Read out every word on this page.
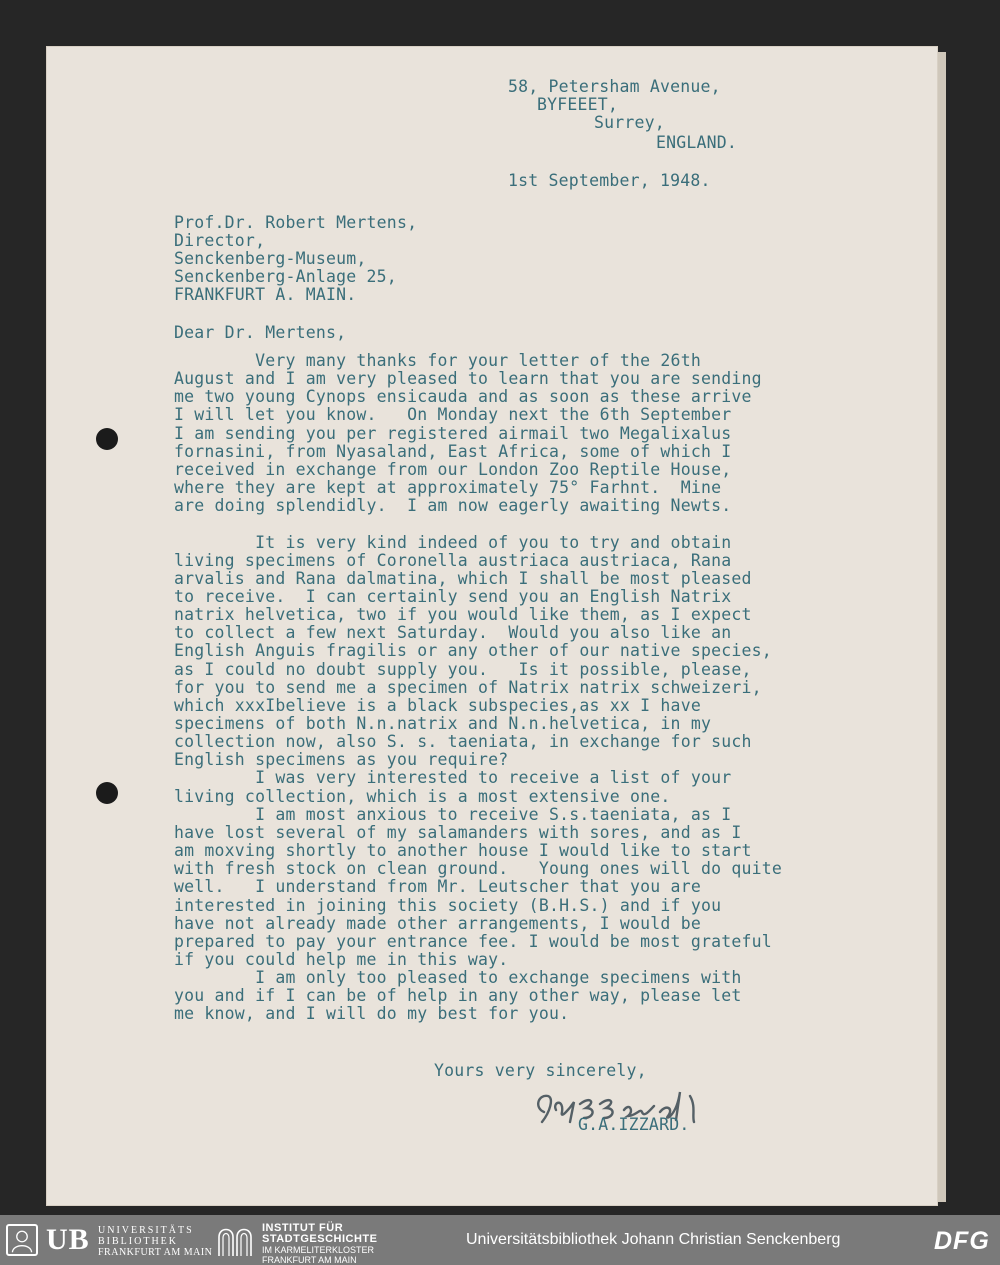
58, Petersham Avenue,
BYFEEET,
Surrey,
ENGLAND.
1st September, 1948.
Prof.Dr. Robert Mertens,
Director,
Senckenberg-Museum,
Senckenberg-Anlage 25,
FRANKFURT A. MAIN.
Dear Dr. Mertens,
Very many thanks for your letter of the 26th
August and I am very pleased to learn that you are sending
me two young Cynops ensicauda and as soon as these arrive
I will let you know.   On Monday next the 6th September
I am sending you per registered airmail two Megalixalus
fornasini, from Nyasaland, East Africa, some of which I
received in exchange from our London Zoo Reptile House,
where they are kept at approximately 75° Farhnt.  Mine
are doing splendidly.  I am now eagerly awaiting Newts.
It is very kind indeed of you to try and obtain
living specimens of Coronella austriaca austriaca, Rana
arvalis and Rana dalmatina, which I shall be most pleased
to receive.  I can certainly send you an English Natrix
natrix helvetica, two if you would like them, as I expect
to collect a few next Saturday.  Would you also like an
English Anguis fragilis or any other of our native species,
as I could no doubt supply you.   Is it possible, please,
for you to send me a specimen of Natrix natrix schweizeri,
which xxxIbelieve is a black subspecies,as xx I have
specimens of both N.n.natrix and N.n.helvetica, in my
collection now, also S. s. taeniata, in exchange for such
English specimens as you require?
I was very interested to receive a list of your
living collection, which is a most extensive one.
I am most anxious to receive S.s.taeniata, as I
have lost several of my salamanders with sores, and as I
am moxving shortly to another house I would like to start
with fresh stock on clean ground.   Young ones will do quite
well.   I understand from Mr. Leutscher that you are
interested in joining this society (B.H.S.) and if you
have not already made other arrangements, I would be
prepared to pay your entrance fee. I would be most grateful
if you could help me in this way.
I am only too pleased to exchange specimens with
you and if I can be of help in any other way, please let
me know, and I will do my best for you.
Yours very sincerely,
G.A.IZZARD.
UB UNIVERSITÄTS
BIBLIOTHEK
FRANKFURT AM MAIN
INSTITUT FÜR
STADTGESCHICHTE
IM KARMELITERKLOSTER
FRANKFURT AM MAIN
Universitätsbibliothek Johann Christian Senckenberg	DFG
